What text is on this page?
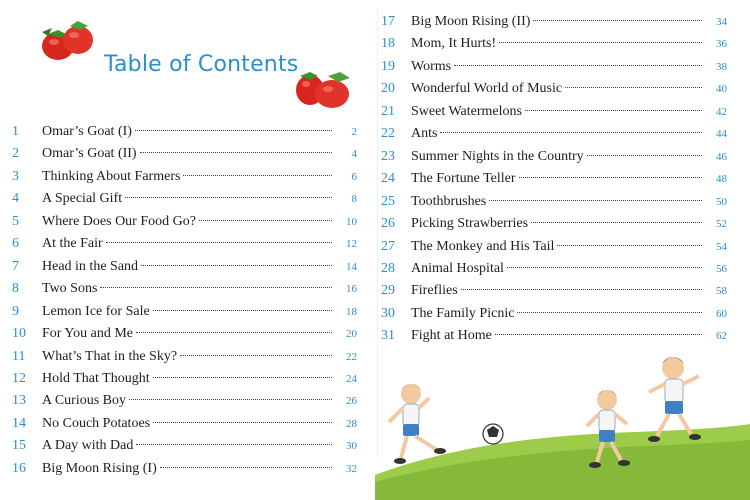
Table of Contents
1	Omar’s Goat (I)	2
2	Omar’s Goat (II)	4
3	Thinking About Farmers	6
4	A Special Gift	8
5	Where Does Our Food Go?	10
6	At the Fair	12
7	Head in the Sand	14
8	Two Sons	16
9	Lemon Ice for Sale	18
10	For You and Me	20
11	What’s That in the Sky?	22
12	Hold That Thought	24
13	A Curious Boy	26
14	No Couch Potatoes	28
15	A Day with Dad	30
16	Big Moon Rising (I)	32
17	Big Moon Rising (II)	34
18	Mom, It Hurts!	36
19	Worms	38
20	Wonderful World of Music	40
21	Sweet Watermelons	42
22	Ants	44
23	Summer Nights in the Country	46
24	The Fortune Teller	48
25	Toothbrushes	50
26	Picking Strawberries	52
27	The Monkey and His Tail	54
28	Animal Hospital	56
29	Fireflies	58
30	The Family Picnic	60
31	Fight at Home	62
